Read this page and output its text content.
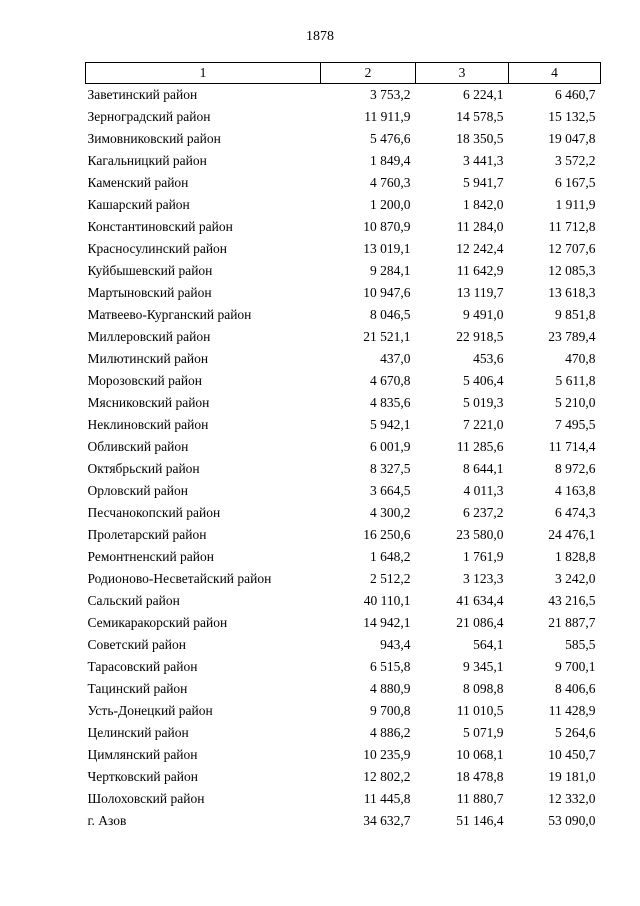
1878
1	2	3	4
Заветинский район	3 753,2	6 224,1	6 460,7
Зерноградский район	11 911,9	14 578,5	15 132,5
Зимовниковский район	5 476,6	18 350,5	19 047,8
Кагальницкий район	1 849,4	3 441,3	3 572,2
Каменский район	4 760,3	5 941,7	6 167,5
Кашарский район	1 200,0	1 842,0	1 911,9
Константиновский район	10 870,9	11 284,0	11 712,8
Красносулинский район	13 019,1	12 242,4	12 707,6
Куйбышевский район	9 284,1	11 642,9	12 085,3
Мартыновский район	10 947,6	13 119,7	13 618,3
Матвеево-Курганский район	8 046,5	9 491,0	9 851,8
Миллеровский район	21 521,1	22 918,5	23 789,4
Милютинский район	437,0	453,6	470,8
Морозовский район	4 670,8	5 406,4	5 611,8
Мясниковский район	4 835,6	5 019,3	5 210,0
Неклиновский район	5 942,1	7 221,0	7 495,5
Обливский район	6 001,9	11 285,6	11 714,4
Октябрьский район	8 327,5	8 644,1	8 972,6
Орловский район	3 664,5	4 011,3	4 163,8
Песчанокопский район	4 300,2	6 237,2	6 474,3
Пролетарский район	16 250,6	23 580,0	24 476,1
Ремонтненский район	1 648,2	1 761,9	1 828,8
Родионово-Несветайский район	2 512,2	3 123,3	3 242,0
Сальский район	40 110,1	41 634,4	43 216,5
Семикаракорский район	14 942,1	21 086,4	21 887,7
Советский район	943,4	564,1	585,5
Тарасовский район	6 515,8	9 345,1	9 700,1
Тацинский район	4 880,9	8 098,8	8 406,6
Усть-Донецкий район	9 700,8	11 010,5	11 428,9
Целинский район	4 886,2	5 071,9	5 264,6
Цимлянский район	10 235,9	10 068,1	10 450,7
Чертковский район	12 802,2	18 478,8	19 181,0
Шолоховский район	11 445,8	11 880,7	12 332,0
г. Азов	34 632,7	51 146,4	53 090,0
